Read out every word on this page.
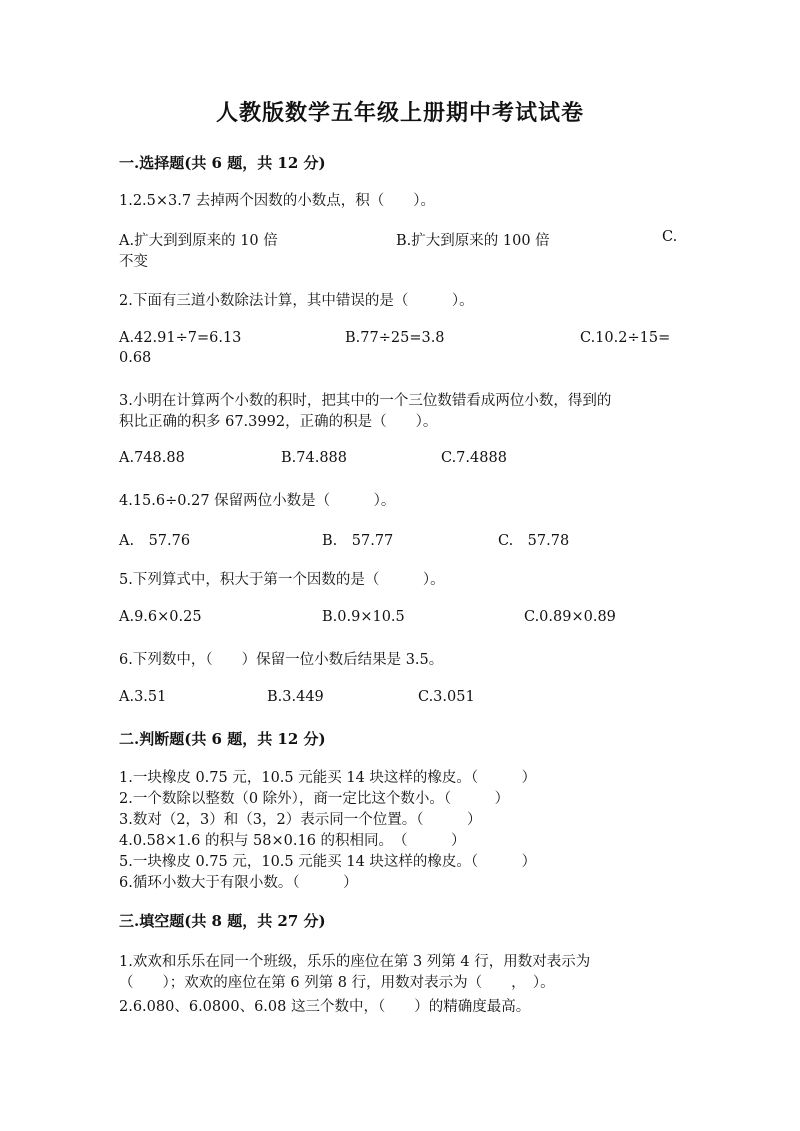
人教版数学五年级上册期中考试试卷
一.选择题(共 6 题，共 12 分)
1.2.5×3.7 去掉两个因数的小数点，积（　　）。
A.扩大到到原来的 10 倍	B.扩大到原来的 100 倍	C.
不变
2.下面有三道小数除法计算，其中错误的是（　　　）。
A.42.91÷7=6.13	B.77÷25=3.8	C.10.2÷15=
0.68
3.小明在计算两个小数的积时，把其中的一个三位数错看成两位小数，得到的
积比正确的积多 67.3992，正确的积是（　　）。
A.748.88	B.74.888	C.7.4888
4.15.6÷0.27 保留两位小数是（　　　）。
A.　57.76	B.　57.77	C.　57.78
5.下列算式中，积大于第一个因数的是（　　　）。
A.9.6×0.25	B.0.9×10.5	C.0.89×0.89
6.下列数中，（　　）保留一位小数后结果是 3.5。
A.3.51	B.3.449	C.3.051
二.判断题(共 6 题，共 12 分)
1.一块橡皮 0.75 元，10.5 元能买 14 块这样的橡皮。（　　　）
2.一个数除以整数（0 除外），商一定比这个数小。（　　　）
3.数对（2，3）和（3，2）表示同一个位置。（　　　）
4.0.58×1.6 的积与 58×0.16 的积相同。　（　　　）
5.一块橡皮 0.75 元，10.5 元能买 14 块这样的橡皮。（　　　）
6.循环小数大于有限小数。（　　　）
三.填空题(共 8 题，共 27 分)
1.欢欢和乐乐在同一个班级，乐乐的座位在第 3 列第 4 行，用数对表示为
（　　）；欢欢的座位在第 6 列第 8 行，用数对表示为（　　，　）。
2.6.080、6.0800、6.08 这三个数中，（　　）的精确度最高。
